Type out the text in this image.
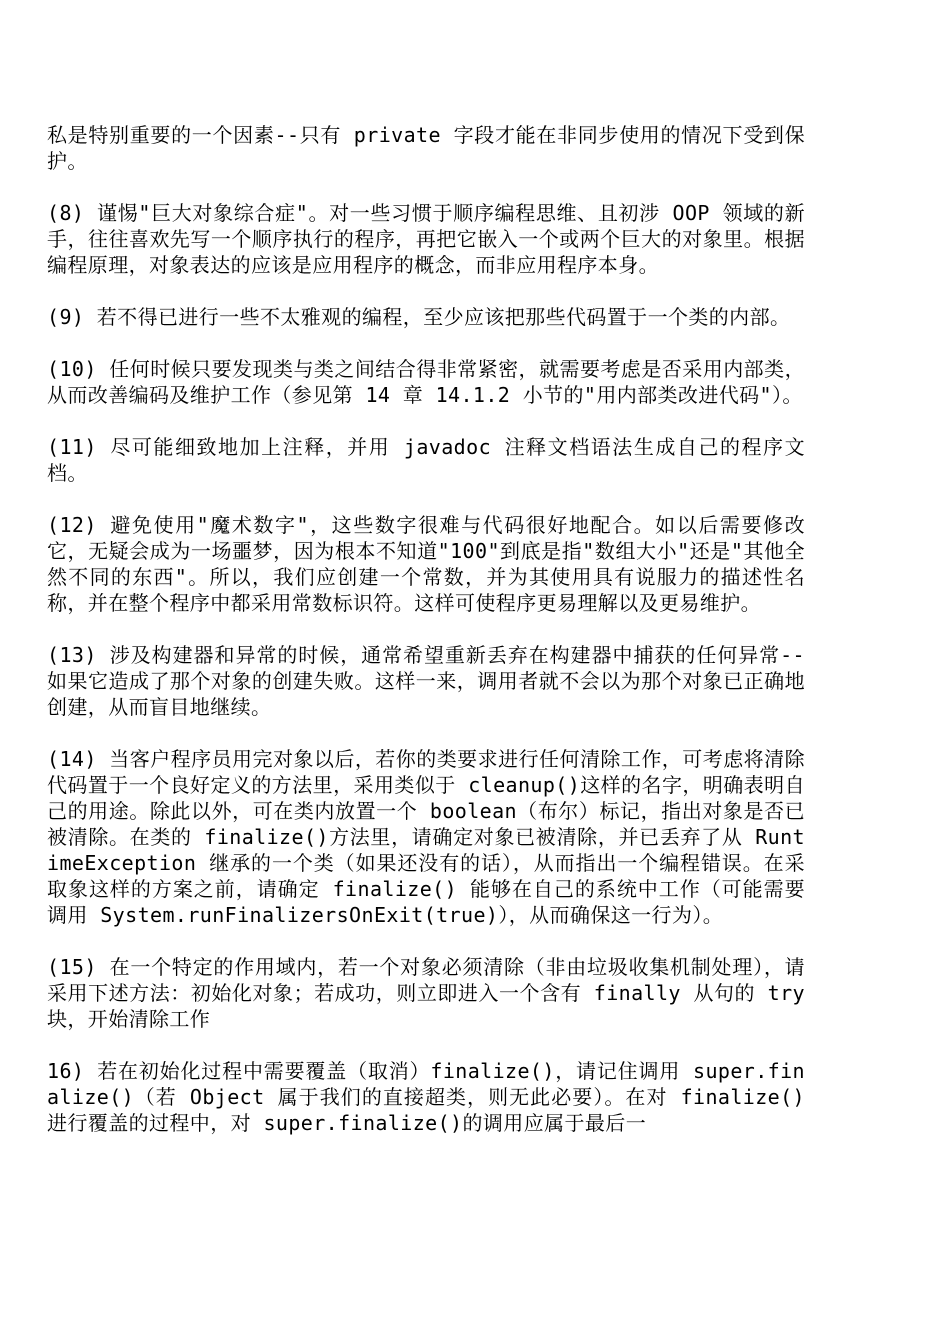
私是特别重要的一个因素--只有 private 字段才能在非同步使用的情况下受到保护。

(8) 谨惕"巨大对象综合症"。对一些习惯于顺序编程思维、且初涉 OOP 领域的新手，往往喜欢先写一个顺序执行的程序，再把它嵌入一个或两个巨大的对象里。根据编程原理，对象表达的应该是应用程序的概念，而非应用程序本身。

(9) 若不得已进行一些不太雅观的编程，至少应该把那些代码置于一个类的内部。

(10) 任何时候只要发现类与类之间结合得非常紧密，就需要考虑是否采用内部类，从而改善编码及维护工作（参见第 14 章 14.1.2 小节的"用内部类改进代码"）。

(11) 尽可能细致地加上注释，并用 javadoc 注释文档语法生成自己的程序文档。

(12) 避免使用"魔术数字"，这些数字很难与代码很好地配合。如以后需要修改它，无疑会成为一场噩梦，因为根本不知道"100"到底是指"数组大小"还是"其他全然不同的东西"。所以，我们应创建一个常数，并为其使用具有说服力的描述性名称，并在整个程序中都采用常数标识符。这样可使程序更易理解以及更易维护。

(13) 涉及构建器和异常的时候，通常希望重新丢弃在构建器中捕获的任何异常--如果它造成了那个对象的创建失败。这样一来，调用者就不会以为那个对象已正确地创建，从而盲目地继续。

(14) 当客户程序员用完对象以后，若你的类要求进行任何清除工作，可考虑将清除代码置于一个良好定义的方法里，采用类似于 cleanup()这样的名字，明确表明自己的用途。除此以外，可在类内放置一个 boolean（布尔）标记，指出对象是否已被清除。在类的 finalize()方法里，请确定对象已被清除，并已丢弃了从 RuntimeException 继承的一个类（如果还没有的话），从而指出一个编程错误。在采取象这样的方案之前，请确定 finalize() 能够在自己的系统中工作（可能需要调用 System.runFinalizersOnExit(true)），从而确保这一行为）。

(15) 在一个特定的作用域内，若一个对象必须清除（非由垃圾收集机制处理），请采用下述方法：初始化对象；若成功，则立即进入一个含有 finally 从句的 try 块，开始清除工作

16) 若在初始化过程中需要覆盖（取消）finalize()，请记住调用 super.finalize()（若 Object 属于我们的直接超类，则无此必要）。在对 finalize()进行覆盖的过程中，对 super.finalize()的调用应属于最后一
